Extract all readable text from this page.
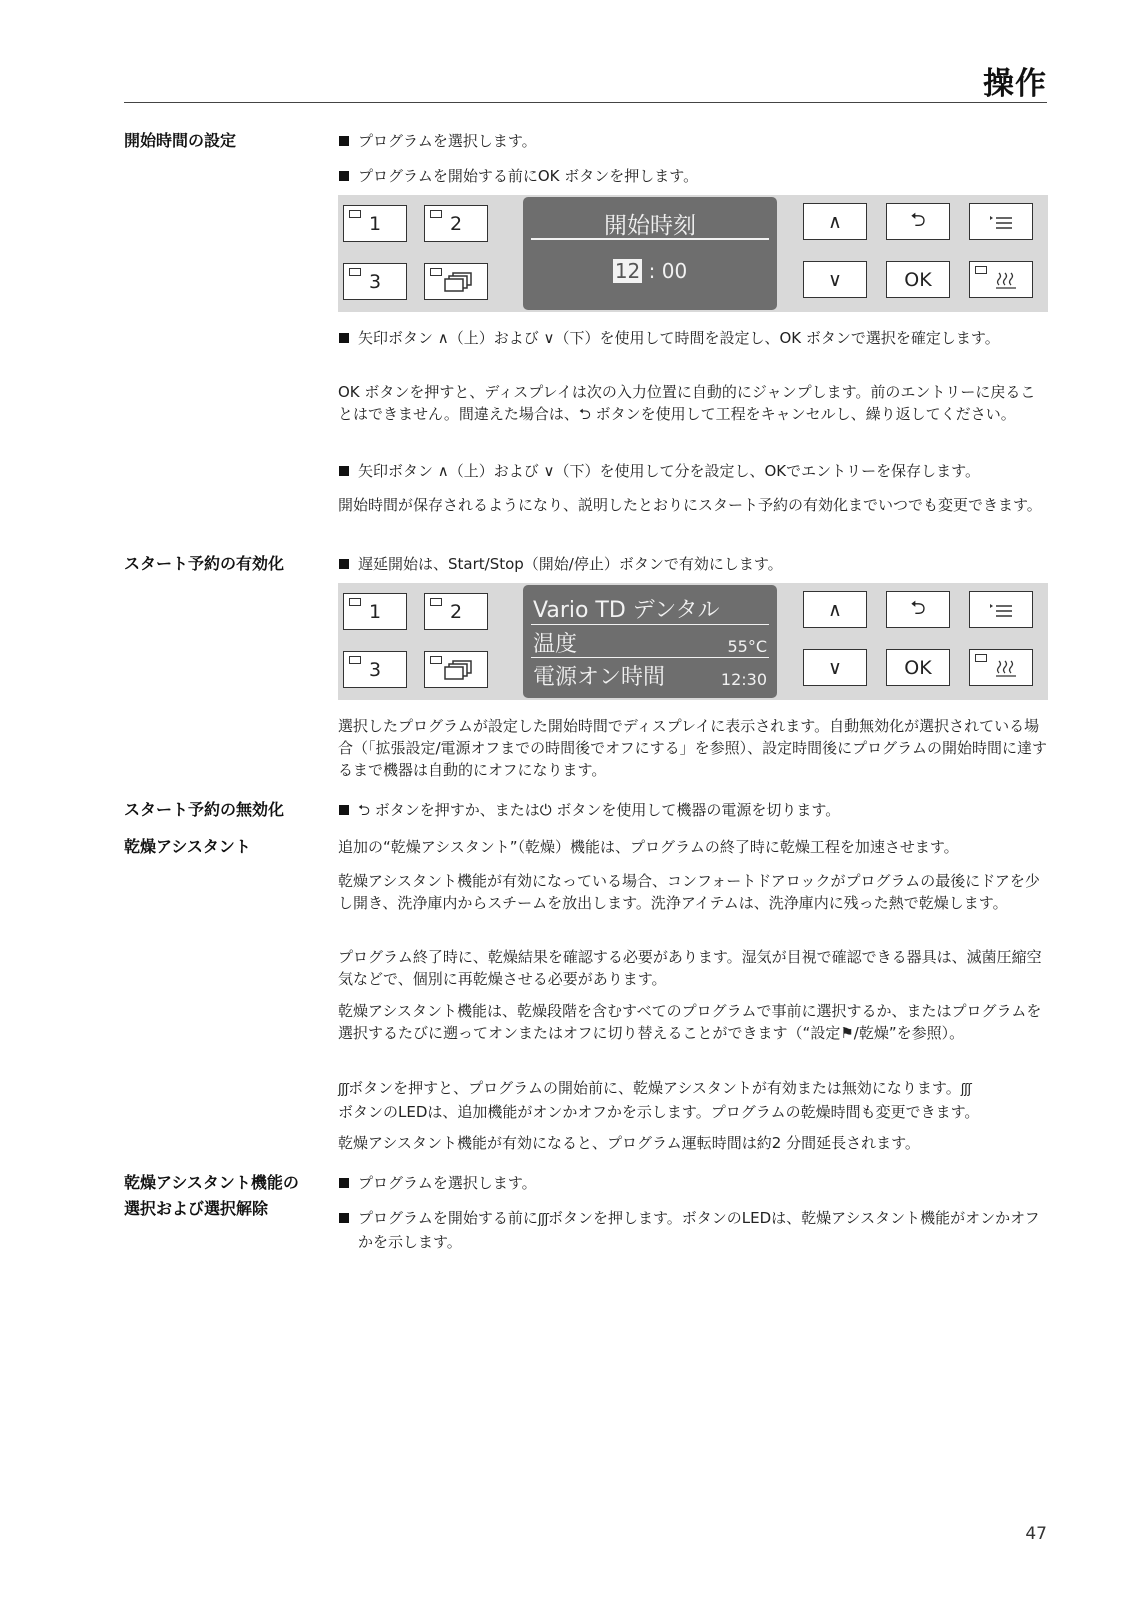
操作
開始時間の設定	プログラムを選択します。
プログラムを開始する前にOK ボタンを押します。
1	2
3
開始時刻
12 : 00
∧	⮌
∨	OK
矢印ボタン ∧（上）および ∨（下）を使用して時間を設定し、OK ボタンで選択を確定します。
OK ボタンを押すと、ディスプレイは次の入力位置に自動的にジャンプします。前のエントリーに戻ることはできません。間違えた場合は、⮌ ボタンを使用して工程をキャンセルし、繰り返してください。
矢印ボタン ∧（上）および ∨（下）を使用して分を設定し、OKでエントリーを保存します。
開始時間が保存されるようになり、説明したとおりにスタート予約の有効化までいつでも変更できます。
スタート予約の有効化	遅延開始は、Start/Stop（開始/停止）ボタンで有効にします。
1	2
3
Vario TD デンタル
温度	55°C
電源オン時間	12:30
∧	⮌
∨	OK
選択したプログラムが設定した開始時間でディスプレイに表示されます。自動無効化が選択されている場合（「拡張設定/電源オフまでの時間後でオフにする」を参照）、設定時間後にプログラムの開始時間に達するまで機器は自動的にオフになります。
スタート予約の無効化	⮌ ボタンを押すか、または⏻ ボタンを使用して機器の電源を切ります。
乾燥アシスタント	追加の“乾燥アシスタント”（乾燥）機能は、プログラムの終了時に乾燥工程を加速させます。
乾燥アシスタント機能が有効になっている場合、コンフォートドアロックがプログラムの最後にドアを少し開き、洗浄庫内からスチームを放出します。洗浄アイテムは、洗浄庫内に残った熱で乾燥します。
プログラム終了時に、乾燥結果を確認する必要があります。湿気が目視で確認できる器具は、滅菌圧縮空気などで、個別に再乾燥させる必要があります。
乾燥アシスタント機能は、乾燥段階を含むすべてのプログラムで事前に選択するか、またはプログラムを選択するたびに遡ってオンまたはオフに切り替えることができます（“設定⚑/乾燥”を参照）。
ʃʃʃボタンを押すと、プログラムの開始前に、乾燥アシスタントが有効または無効になります。ʃʃʃ
ボタンのLEDは、追加機能がオンかオフかを示します。プログラムの乾燥時間も変更できます。
乾燥アシスタント機能が有効になると、プログラム運転時間は約2 分間延長されます。
乾燥アシスタント機能の
選択および選択解除
プログラムを選択します。
プログラムを開始する前にʃʃʃボタンを押します。ボタンのLEDは、乾燥アシスタント機能がオンかオフかを示します。
47
